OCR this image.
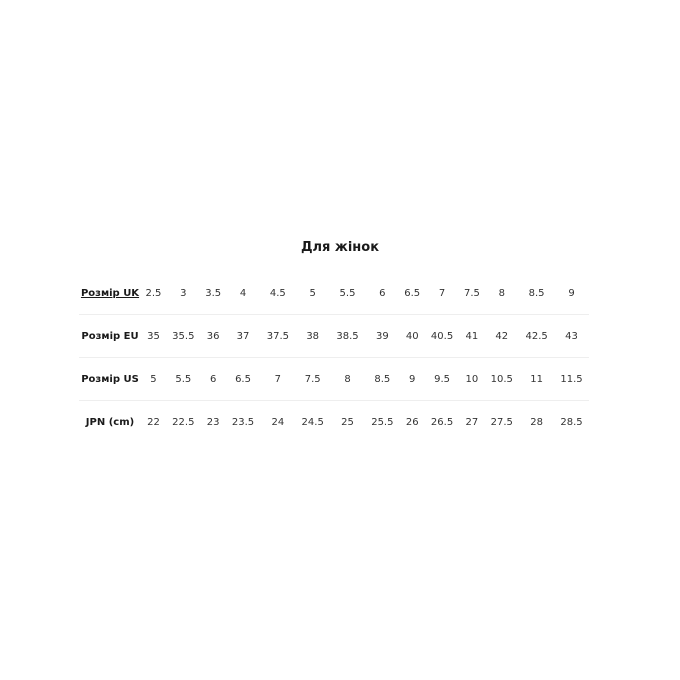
Для жінок
Розмір UK	2.5	3	3.5	4	4.5	5	5.5	6	6.5	7	7.5	8	8.5	9
Розмір EU	35	35.5	36	37	37.5	38	38.5	39	40	40.5	41	42	42.5	43
Розмір US	5	5.5	6	6.5	7	7.5	8	8.5	9	9.5	10	10.5	11	11.5
JPN (cm)	22	22.5	23	23.5	24	24.5	25	25.5	26	26.5	27	27.5	28	28.5
